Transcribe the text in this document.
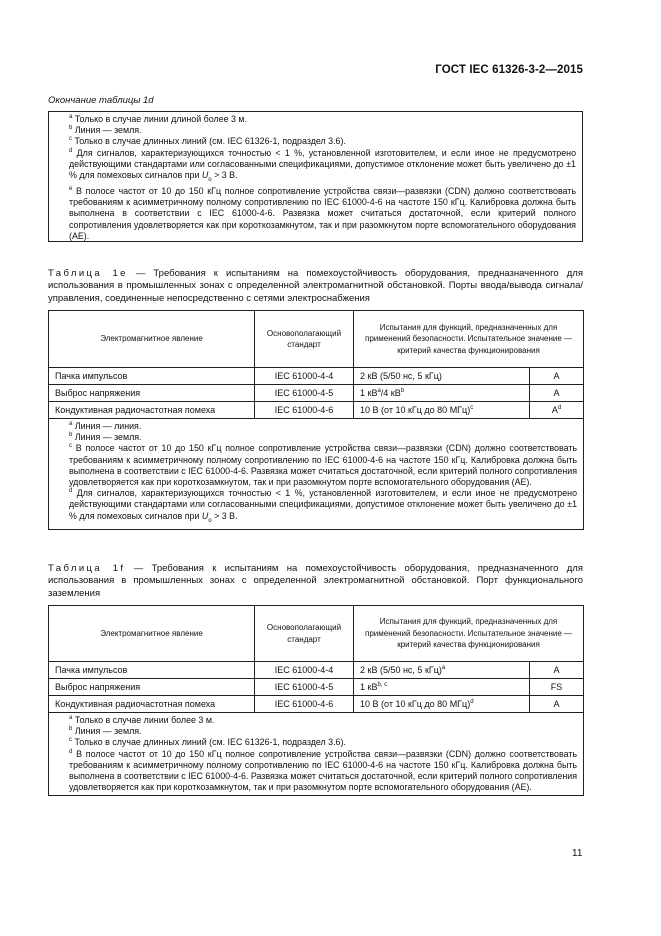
ГОСТ IEC 61326-3-2—2015
Окончание таблицы 1d
$^a$ Только в случае линии длиной более 3 м.
$^b$ Линия — земля.
$^c$ Только в случае длинных линий (см. IEC 61326-1, подраздел 3.6).
$^d$ Для сигналов, характеризующихся точностью < 1 %, установленной изготовителем, и если иное не предусмотрено действующими стандартами или согласованными спецификациями, допустимое отклонение может быть увеличено до ±1 % для помеховых сигналов при $U_o > 3$ В.
$^e$ В полосе частот от 10 до 150 кГц полное сопротивление устройства связи—развязки (CDN) должно соответствовать требованиям к асимметричному полному сопротивлению по IEC 61000-4-6 на частоте 150 кГц. Калибровка должна быть выполнена в соответствии с IEC 61000-4-6. Развязка может считаться достаточной, если критерий полного сопротивления удовлетворяется как при короткозамкнутом, так и при разомкнутом порте вспомогательного оборудования (AE).
Таблица 1е — Требования к испытаниям на помехоустойчивость оборудования, предназначенного для использования в промышленных зонах с определенной электромагнитной обстановкой. Порты ввода/вывода сигнала/управления, соединенные непосредственно с сетями электроснабжения
Электромагнитное явление	Основополагающий стандарт	Испытания для функций, предназначенных для применений безопасности. Испытательное значение — критерий качества функционирования	
Пачка импульсов	IEC 61000-4-4	2 кВ (5/50 нс, 5 кГц)	A
Выброс напряжения	IEC 61000-4-5	1 $кВ^a/4$ $кВ^b$	A
Кондуктивная радиочастотная помеха	IEC 61000-4-6	10 В (от 10 кГц до 80 МГц)$^c$	$A^d$

$^a$ Линия — линия.
$^b$ Линия — земля.
$^c$ В полосе частот от 10 до 150 кГц полное сопротивление устройства связи—развязки (CDN) должно соответствовать требованиям к асимметричному полному сопротивлению по IEC 61000-4-6 на частоте 150 кГц. Калибровка должна быть выполнена в соответствии с IEC 61000-4-6. Развязка может считаться достаточной, если критерий полного сопротивления удовлетворяется как при короткозамкнутом, так и при разомкнутом порте вспомогательного оборудования (AE).
$^d$ Для сигналов, характеризующихся точностью < 1 %, установленной изготовителем, и если иное не предусмотрено действующими стандартами или согласованными спецификациями, допустимое отклонение может быть увеличено до ±1 % для помеховых сигналов при $U_o > 3$ В.			
Таблица 1f — Требования к испытаниям на помехоустойчивость оборудования, предназначенного для использования в промышленных зонах с определенной электромагнитной обстановкой. Порт функционального заземления
Электромагнитное явление	Основополагающий стандарт	Испытания для функций, предназначенных для применений безопасности. Испытательное значение — критерий качества функционирования	
Пачка импульсов	IEC 61000-4-4	2 кВ (5/50 нс, 5 кГц)$^a$	A
Выброс напряжения	IEC 61000-4-5	1 кВ$^{b, c}$	FS
Кондуктивная радиочастотная помеха	IEC 61000-4-6	10 В (от 10 кГц до 80 МГц)$^d$	A

$^a$ Только в случае линии более 3 м.
$^b$ Линия — земля.
$^c$ Только в случае длинных линий (см. IEC 61326-1, подраздел 3.6).
$^d$ В полосе частот от 10 до 150 кГц полное сопротивление устройства связи—развязки (CDN) должно соответствовать требованиям к асимметричному полному сопротивлению по IEC 61000-4-6 на частоте 150 кГц. Калибровка должна быть выполнена в соответствии с IEC 61000-4-6. Развязка может считаться достаточной, если критерий полного сопротивления удовлетворяется как при короткозамкнутом, так и при разомкнутом порте вспомогательного оборудования (AE).			
11
